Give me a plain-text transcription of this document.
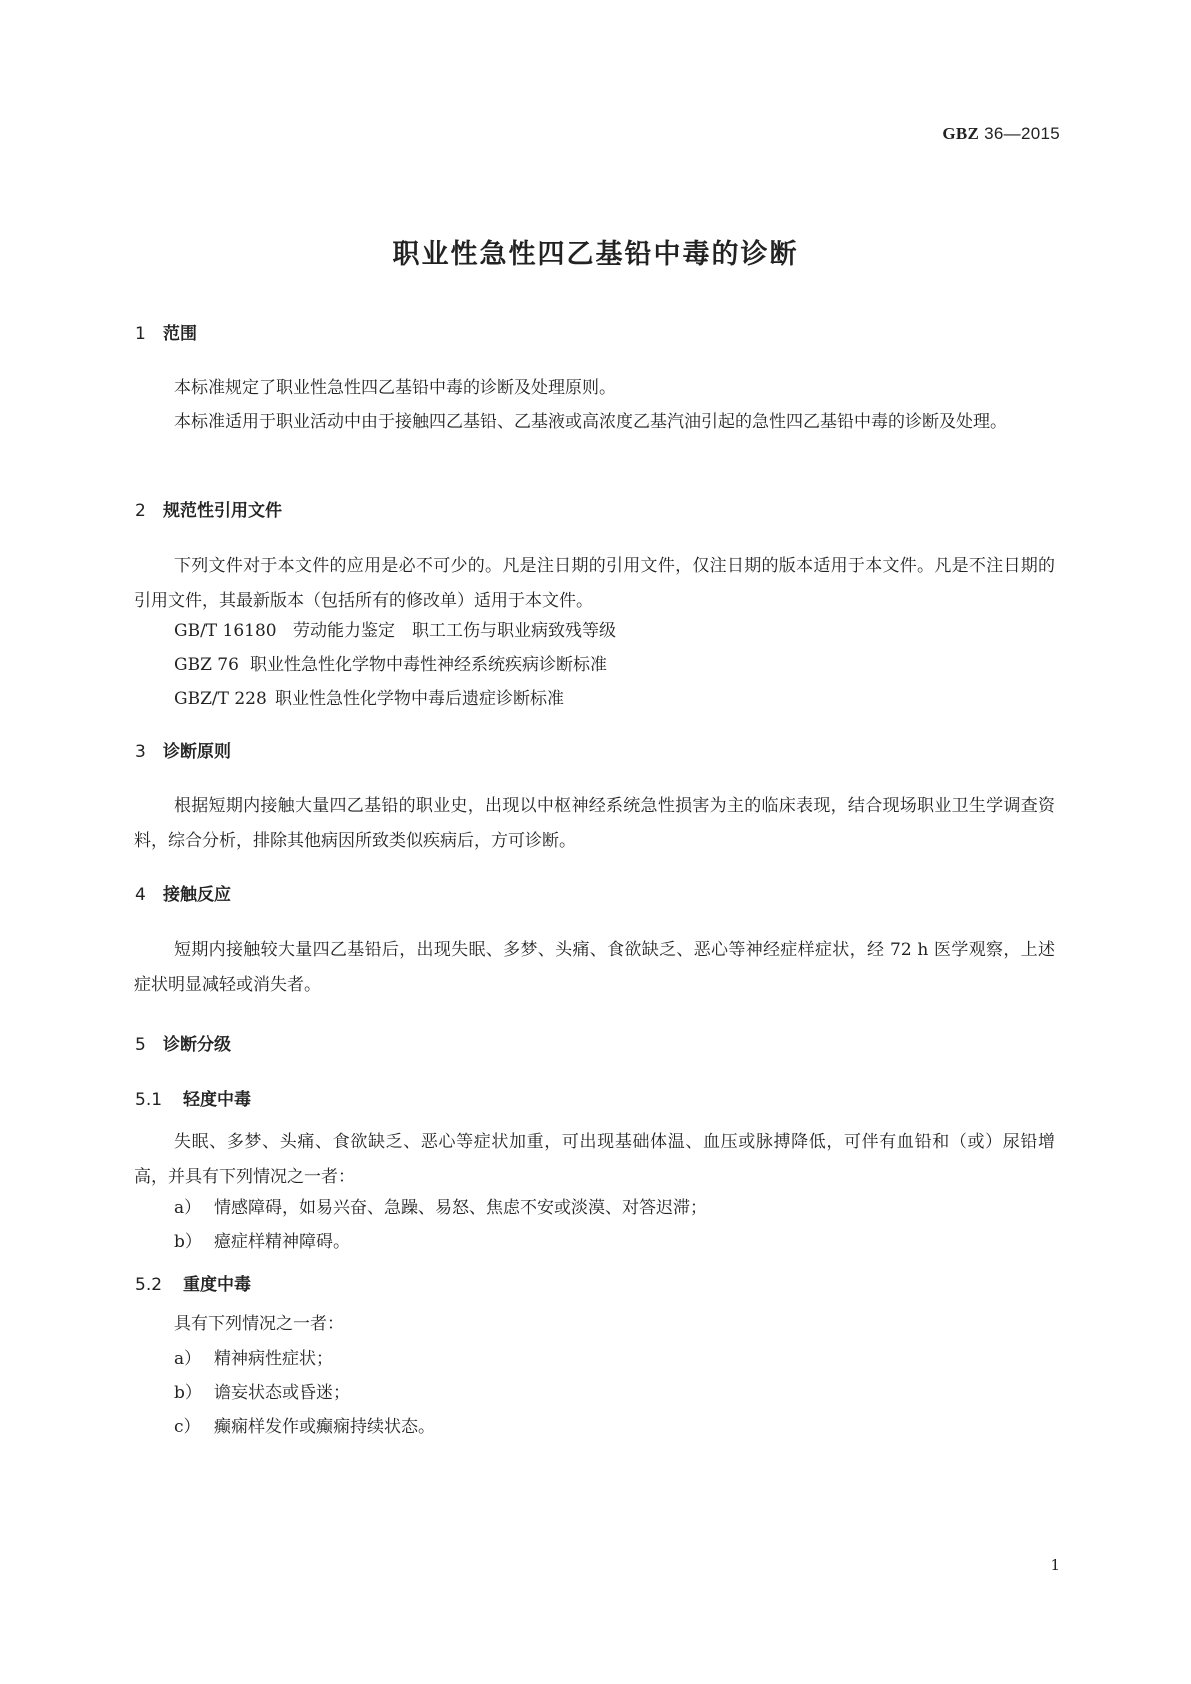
GBZ 36—2015
职业性急性四乙基铅中毒的诊断
1 范围
本标准规定了职业性急性四乙基铅中毒的诊断及处理原则。
本标准适用于职业活动中由于接触四乙基铅、乙基液或高浓度乙基汽油引起的急性四乙基铅中毒的诊断及处理。
2 规范性引用文件
下列文件对于本文件的应用是必不可少的。凡是注日期的引用文件，仅注日期的版本适用于本文件。凡是不注日期的引用文件，其最新版本（包括所有的修改单）适用于本文件。
GB/T 16180 劳动能力鉴定　职工工伤与职业病致残等级
GBZ 76 职业性急性化学物中毒性神经系统疾病诊断标准
GBZ/T 228 职业性急性化学物中毒后遗症诊断标准
3 诊断原则
根据短期内接触大量四乙基铅的职业史，出现以中枢神经系统急性损害为主的临床表现，结合现场职业卫生学调查资料，综合分析，排除其他病因所致类似疾病后，方可诊断。
4 接触反应
短期内接触较大量四乙基铅后，出现失眠、多梦、头痛、食欲缺乏、恶心等神经症样症状，经 72 h 医学观察，上述症状明显减轻或消失者。
5 诊断分级
5.1 轻度中毒
失眠、多梦、头痛、食欲缺乏、恶心等症状加重，可出现基础体温、血压或脉搏降低，可伴有血铅和（或）尿铅增高，并具有下列情况之一者：
a） 情感障碍，如易兴奋、急躁、易怒、焦虑不安或淡漠、对答迟滞；
b） 癔症样精神障碍。
5.2 重度中毒
具有下列情况之一者：
a） 精神病性症状；
b） 谵妄状态或昏迷；
c） 癫痫样发作或癫痫持续状态。
1
